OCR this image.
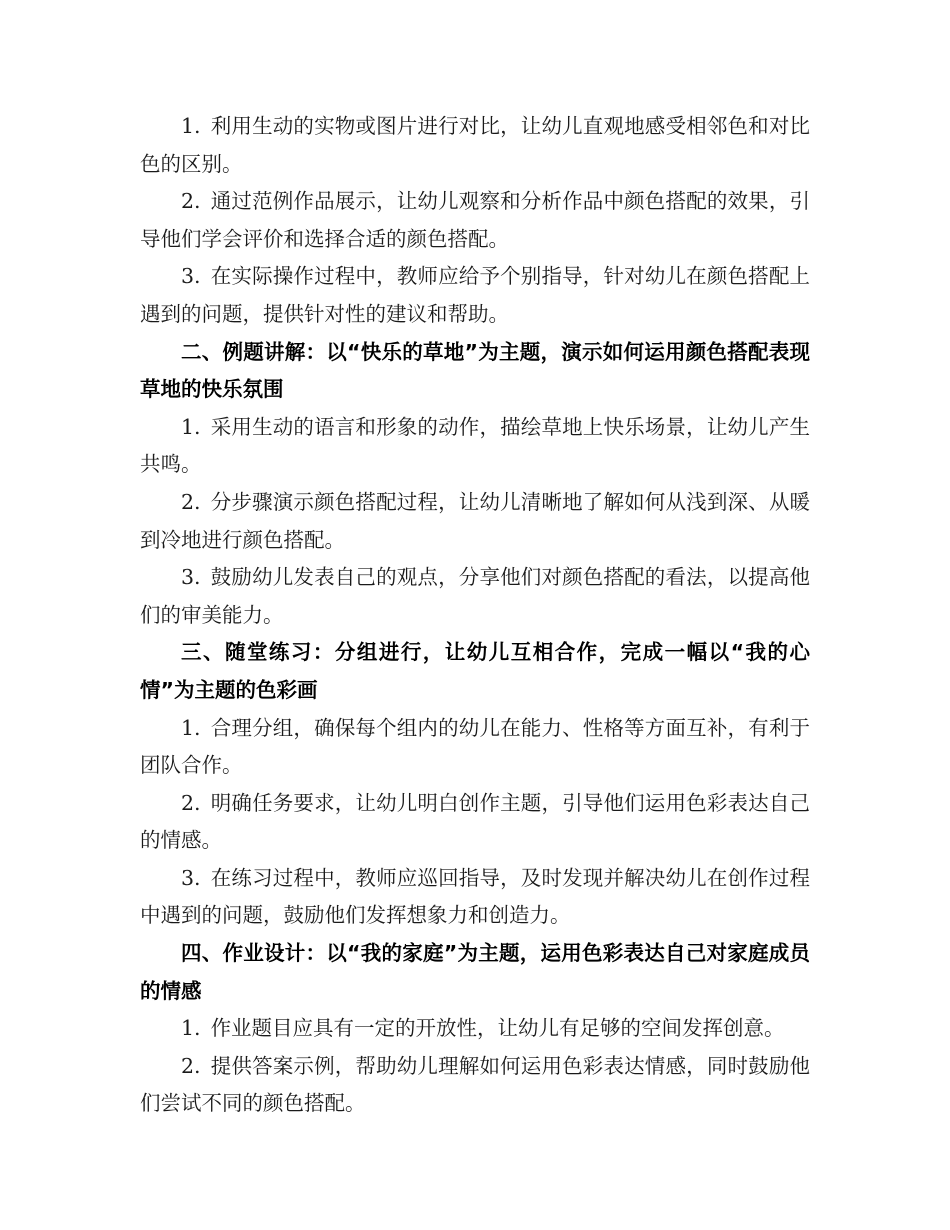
1. 利用生动的实物或图片进行对比，让幼儿直观地感受相邻色和对比色的区别。

2. 通过范例作品展示，让幼儿观察和分析作品中颜色搭配的效果，引导他们学会评价和选择合适的颜色搭配。

3. 在实际操作过程中，教师应给予个别指导，针对幼儿在颜色搭配上遇到的问题，提供针对性的建议和帮助。

二、例题讲解：以“快乐的草地”为主题，演示如何运用颜色搭配表现草地的快乐氛围

1. 采用生动的语言和形象的动作，描绘草地上快乐场景，让幼儿产生共鸣。

2. 分步骤演示颜色搭配过程，让幼儿清晰地了解如何从浅到深、从暖到冷地进行颜色搭配。

3. 鼓励幼儿发表自己的观点，分享他们对颜色搭配的看法，以提高他们的审美能力。

三、随堂练习：分组进行，让幼儿互相合作，完成一幅以“我的心情”为主题的色彩画

1. 合理分组，确保每个组内的幼儿在能力、性格等方面互补，有利于团队合作。

2. 明确任务要求，让幼儿明白创作主题，引导他们运用色彩表达自己的情感。

3. 在练习过程中，教师应巡回指导，及时发现并解决幼儿在创作过程中遇到的问题，鼓励他们发挥想象力和创造力。

四、作业设计：以“我的家庭”为主题，运用色彩表达自己对家庭成员的情感

1. 作业题目应具有一定的开放性，让幼儿有足够的空间发挥创意。

2. 提供答案示例，帮助幼儿理解如何运用色彩表达情感，同时鼓励他们尝试不同的颜色搭配。
